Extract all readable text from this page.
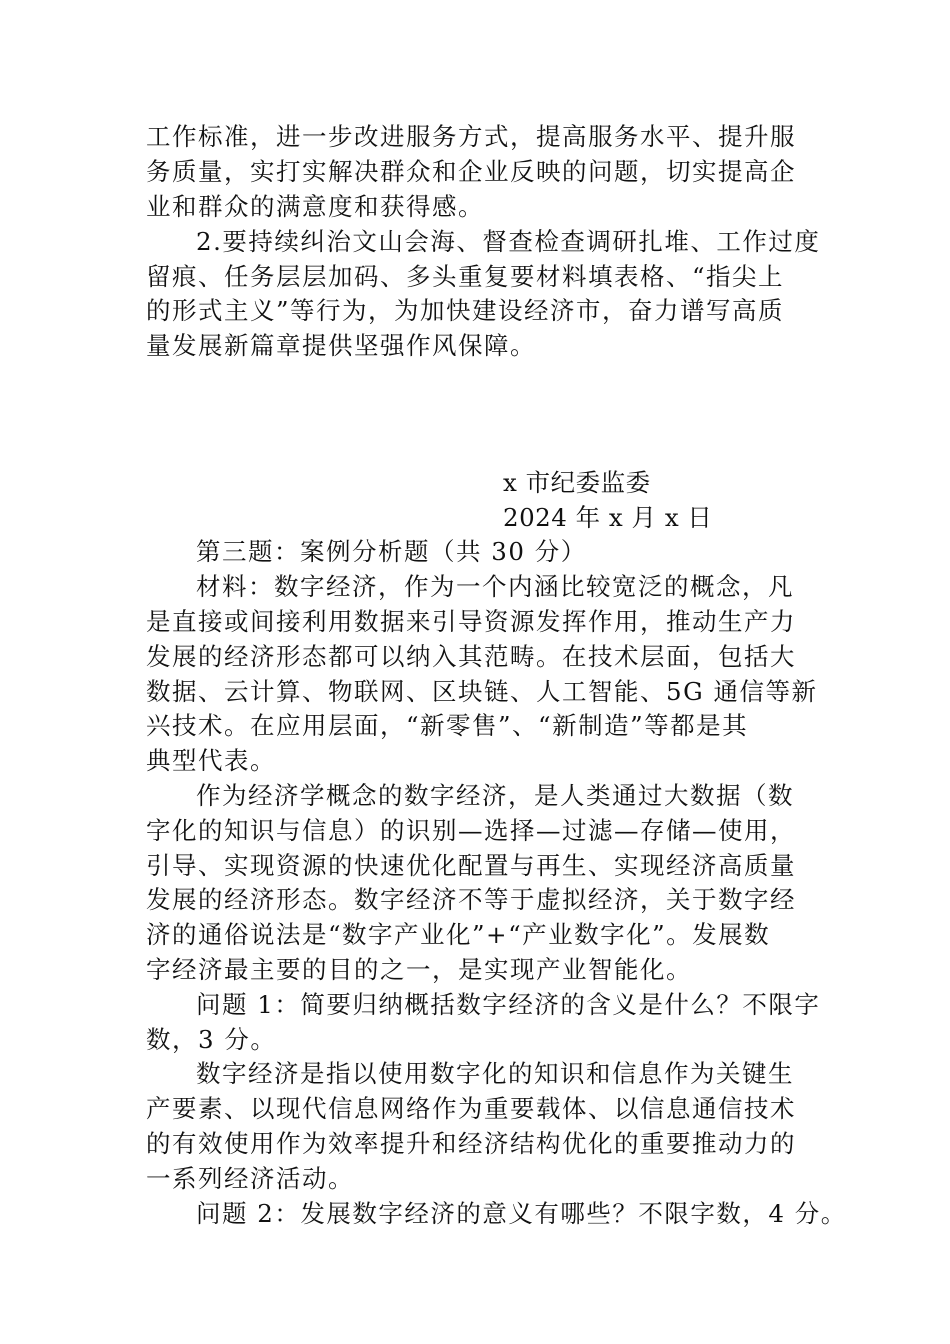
工作标准，进一步改进服务方式，提高服务水平、提升服
务质量，实打实解决群众和企业反映的问题，切实提高企
业和群众的满意度和获得感。
2.要持续纠治文山会海、督查检查调研扎堆、工作过度
留痕、任务层层加码、多头重复要材料填表格、“指尖上
的形式主义”等行为，为加快建设经济市，奋力谱写高质
量发展新篇章提供坚强作风保障。
x 市纪委监委
2024 年 x 月 x 日
第三题：案例分析题（共 30 分）
材料：数字经济，作为一个内涵比较宽泛的概念，凡
是直接或间接利用数据来引导资源发挥作用，推动生产力
发展的经济形态都可以纳入其范畴。在技术层面，包括大
数据、云计算、物联网、区块链、人工智能、5G 通信等新
兴技术。在应用层面，“新零售”、“新制造”等都是其
典型代表。
作为经济学概念的数字经济，是人类通过大数据（数
字化的知识与信息）的识别—选择—过滤—存储—使用，
引导、实现资源的快速优化配置与再生、实现经济高质量
发展的经济形态。数字经济不等于虚拟经济，关于数字经
济的通俗说法是“数字产业化”+“产业数字化”。发展数
字经济最主要的目的之一，是实现产业智能化。
问题 1：简要归纳概括数字经济的含义是什么？不限字
数，3 分。
数字经济是指以使用数字化的知识和信息作为关键生
产要素、以现代信息网络作为重要载体、以信息通信技术
的有效使用作为效率提升和经济结构优化的重要推动力的
一系列经济活动。
问题 2：发展数字经济的意义有哪些？不限字数，4 分。
